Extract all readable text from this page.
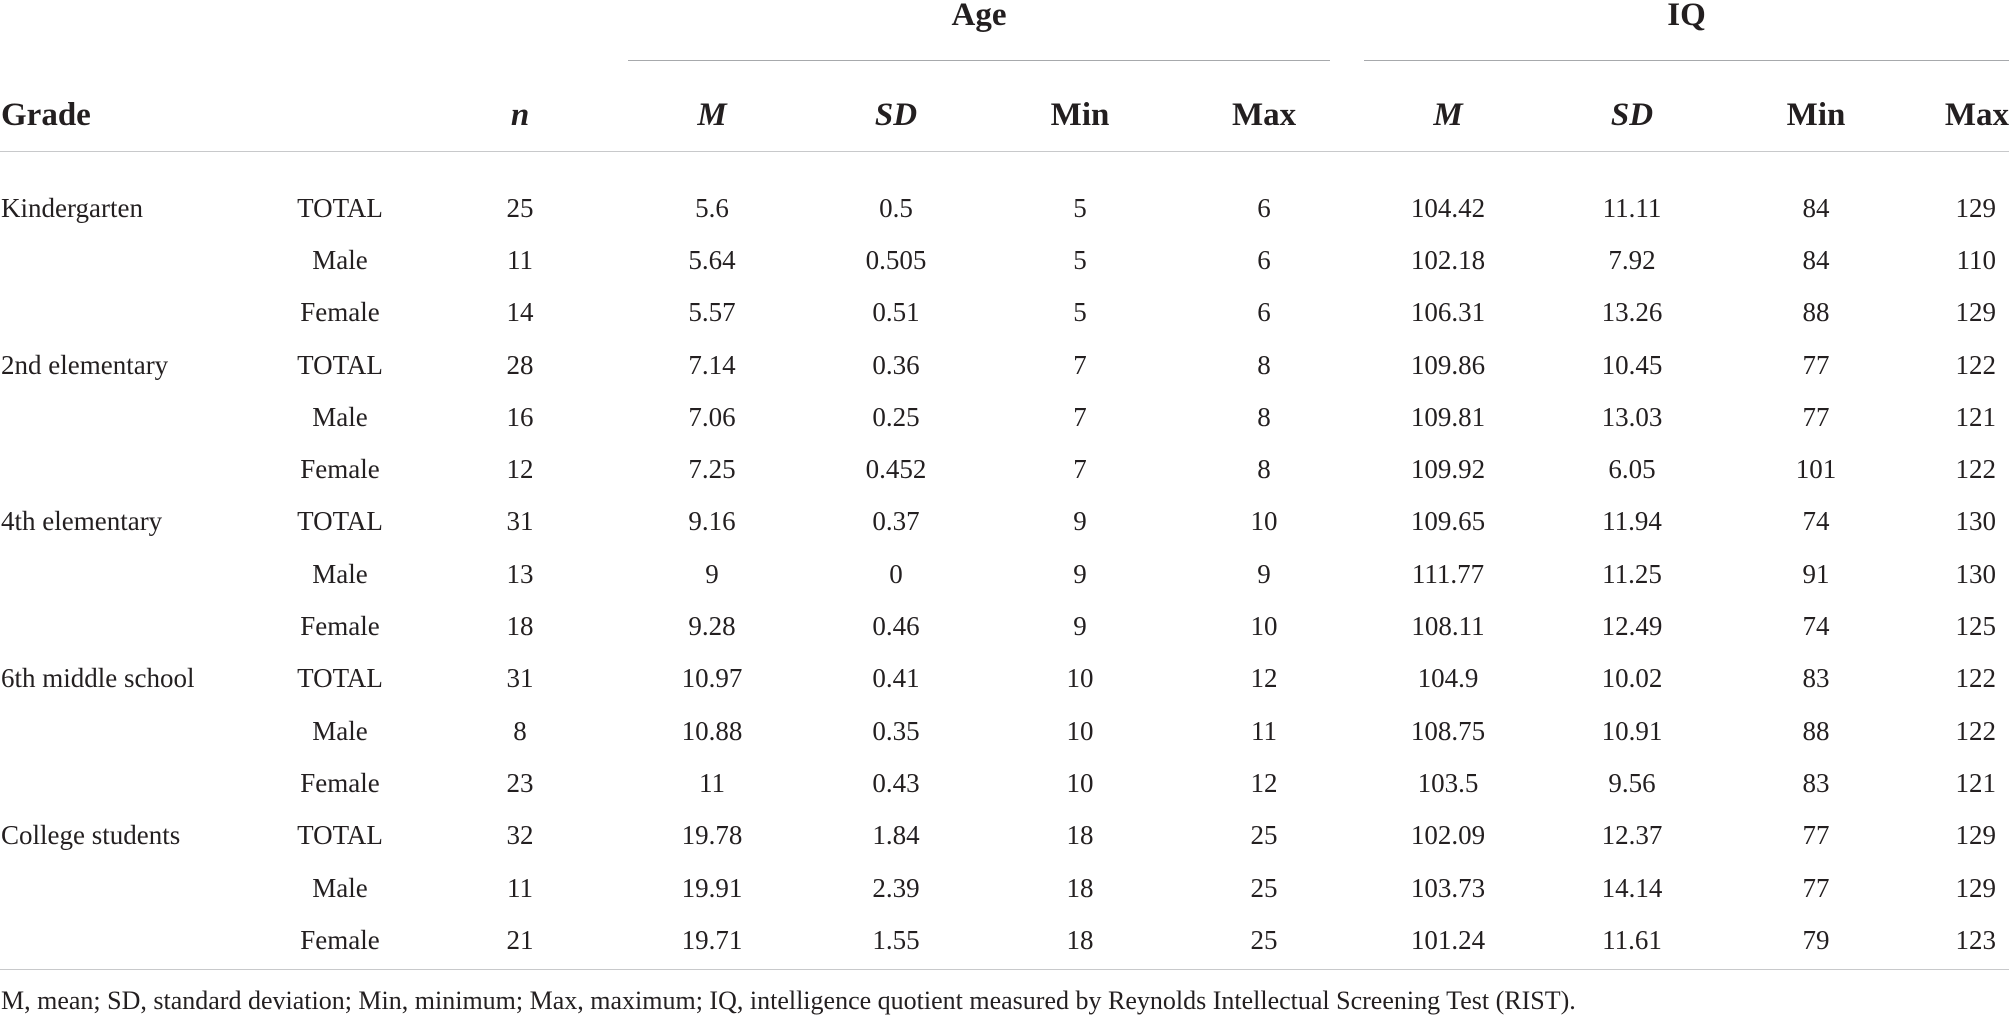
Age	IQ
Grade		n	M	SD	Min	Max	M	SD	Min	Max

Kindergarten	TOTAL	25	5.6	0.5	5	6	104.42	11.11	84	129
	Male	11	5.64	0.505	5	6	102.18	7.92	84	110
	Female	14	5.57	0.51	5	6	106.31	13.26	88	129
2nd elementary	TOTAL	28	7.14	0.36	7	8	109.86	10.45	77	122
	Male	16	7.06	0.25	7	8	109.81	13.03	77	121
	Female	12	7.25	0.452	7	8	109.92	6.05	101	122
4th elementary	TOTAL	31	9.16	0.37	9	10	109.65	11.94	74	130
	Male	13	9	0	9	9	111.77	11.25	91	130
	Female	18	9.28	0.46	9	10	108.11	12.49	74	125
6th middle school	TOTAL	31	10.97	0.41	10	12	104.9	10.02	83	122
	Male	8	10.88	0.35	10	11	108.75	10.91	88	122
	Female	23	11	0.43	10	12	103.5	9.56	83	121
College students	TOTAL	32	19.78	1.84	18	25	102.09	12.37	77	129
	Male	11	19.91	2.39	18	25	103.73	14.14	77	129
	Female	21	19.71	1.55	18	25	101.24	11.61	79	123
M, mean; SD, standard deviation; Min, minimum; Max, maximum; IQ, intelligence quotient measured by Reynolds Intellectual Screening Test (RIST).
